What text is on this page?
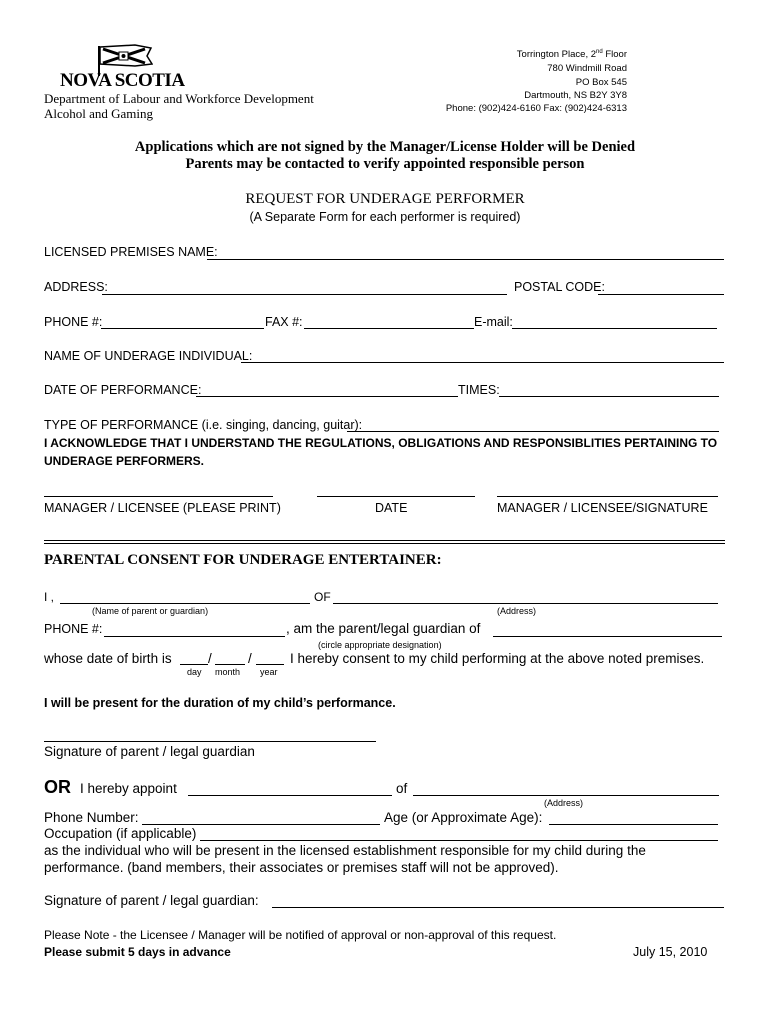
NOVA SCOTIA
Department of Labour and Workforce Development
Alcohol and Gaming
Torrington Place, 2nd Floor
780 Windmill Road
PO Box 545
Dartmouth, NS B2Y 3Y8
Phone: (902)424-6160 Fax: (902)424-6313
Applications which are not signed by the Manager/License Holder will be Denied
Parents may be contacted to verify appointed responsible person
REQUEST FOR UNDERAGE PERFORMER
(A Separate Form for each performer is required)
LICENSED PREMISES NAME:
ADDRESS:	POSTAL CODE:
PHONE #:	FAX #:	E-mail:
NAME OF UNDERAGE INDIVIDUAL:
DATE OF PERFORMANCE:	TIMES:
TYPE OF PERFORMANCE (i.e. singing, dancing, guitar):
I ACKNOWLEDGE THAT I UNDERSTAND THE REGULATIONS, OBLIGATIONS AND RESPONSIBLITIES PERTAINING TO
UNDERAGE PERFORMERS.
MANAGER / LICENSEE (PLEASE PRINT)	DATE	MANAGER / LICENSEE/SIGNATURE
PARENTAL CONSENT FOR UNDERAGE ENTERTAINER:
I ,	OF
(Name of parent or guardian)	(Address)
PHONE #:	, am the parent/legal guardian of
(circle appropriate designation)
whose date of birth is	/	/	I hereby consent to my child performing at the above noted premises.
day month year
I will be present for the duration of my child’s performance.
Signature of parent / legal guardian
OR I hereby appoint	of
(Address)
Phone Number:	Age (or Approximate Age):
Occupation (if applicable)
as the individual who will be present in the licensed establishment responsible for my child during the
performance. (band members, their associates or premises staff will not be approved).
Signature of parent / legal guardian:
Please Note - the Licensee / Manager will be notified of approval or non-approval of this request.
Please submit 5 days in advance	July 15, 2010
